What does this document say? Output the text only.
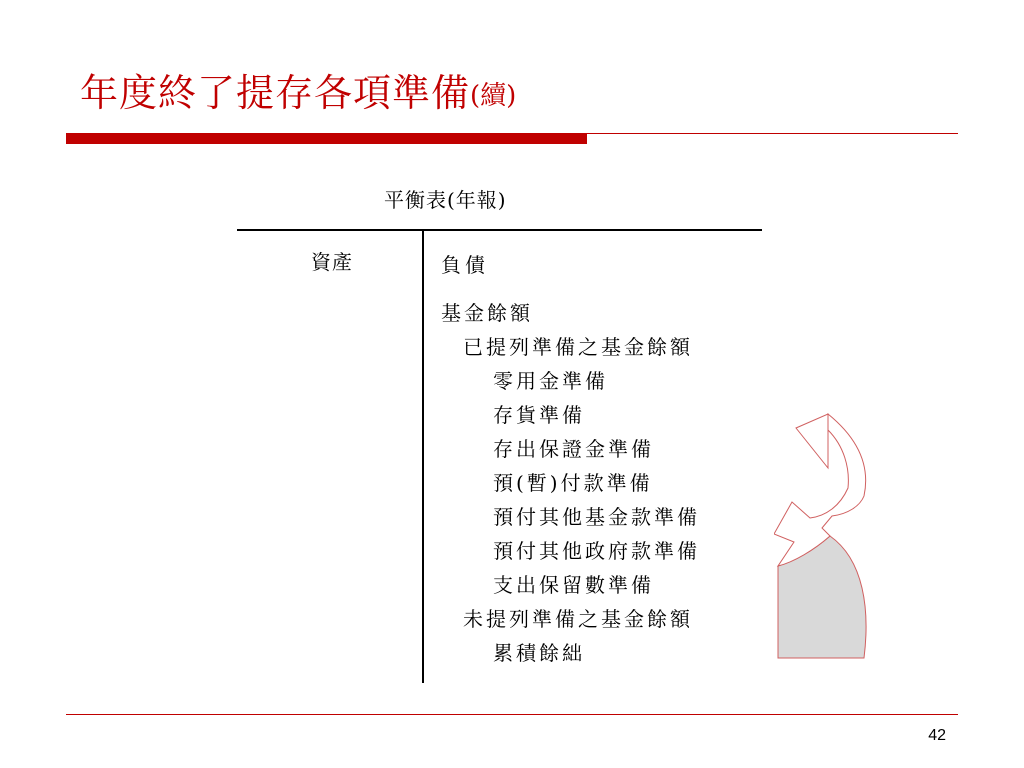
年度終了提存各項準備(續)
平衡表(年報)
資產	負債
基金餘額
已提列準備之基金餘額
零用金準備
存貨準備
存出保證金準備
預(暫)付款準備
預付其他基金款準備
預付其他政府款準備
支出保留數準備
未提列準備之基金餘額
累積餘絀
42
